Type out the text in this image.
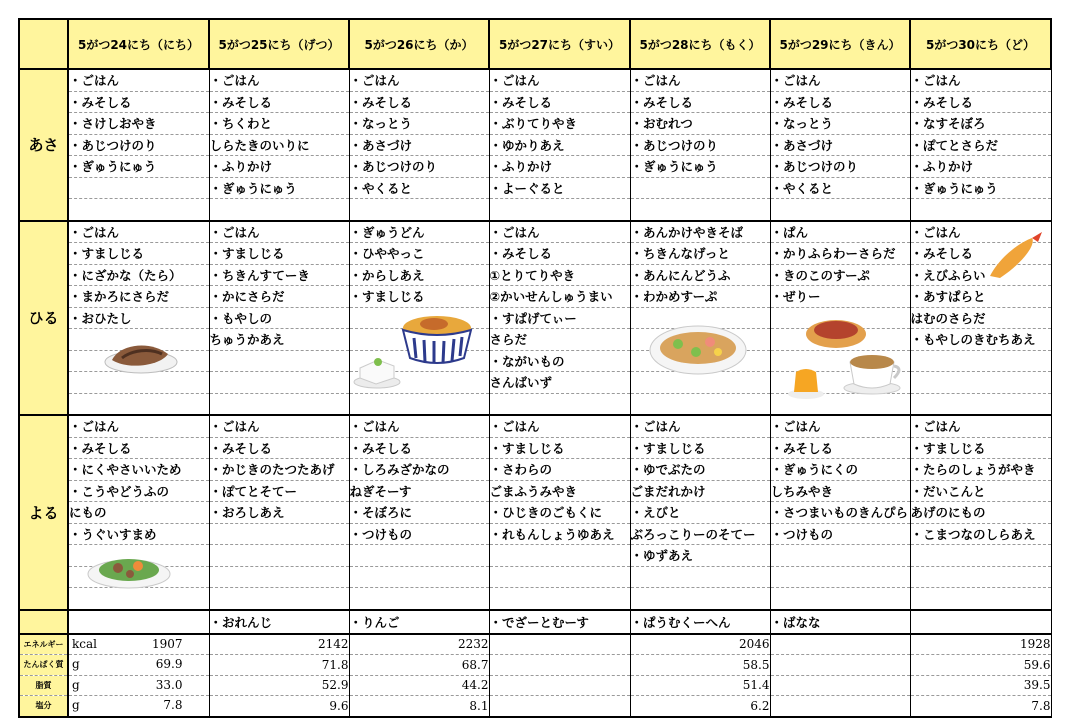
	5がつ24にち（にち）	5がつ25にち（げつ）	5がつ26にち（か）	5がつ27にち（すい）	5がつ28にち（もく）	5がつ29にち（きん）	5がつ30にち（ど）
あさ	・ごはん	・ごはん	・ごはん	・ごはん	・ごはん	・ごはん	・ごはん
	・みそしる	・みそしる	・みそしる	・みそしる	・みそしる	・みそしる	・みそしる
	・さけしおやき	・ちくわと	・なっとう	・ぶりてりやき	・おむれつ	・なっとう	・なすそぼろ
	・あじつけのり	しらたきのいりに	・あさづけ	・ゆかりあえ	・あじつけのり	・あさづけ	・ぽてとさらだ
	・ぎゅうにゅう	・ふりかけ	・あじつけのり	・ふりかけ	・ぎゅうにゅう	・あじつけのり	・ふりかけ
		・ぎゅうにゅう	・やくると	・よーぐると		・やくると	・ぎゅうにゅう

ひる	・ごはん	・ごはん	・ぎゅうどん	・ごはん	・あんかけやきそば	・ぱん	・ごはん
	・すましじる	・すましじる	・ひややっこ	・みそしる	・ちきんなげっと	・かりふらわーさらだ	・みそしる
	・にざかな（たら）	・ちきんすてーき	・からしあえ	①とりてりやき	・あんにんどうふ	・きのこのすーぷ	・えびふらい
	・まかろにさらだ	・かにさらだ	・すましじる	②かいせんしゅうまい	・わかめすーぷ	・ぜりー	・あすぱらと
	・おひたし	・もやしの		・すぱげてぃー			はむのさらだ
		ちゅうかあえ		さらだ			・もやしのきむちあえ
				・ながいもの			
				さんばいず			

よる	・ごはん	・ごはん	・ごはん	・ごはん	・ごはん	・ごはん	・ごはん
	・みそしる	・みそしる	・みそしる	・すましじる	・すましじる	・みそしる	・すましじる
	・にくやさいいため	・かじきのたつたあげ	・しろみざかなの	・さわらの	・ゆでぶたの	・ぎゅうにくの	・たらのしょうがやき
	・こうやどうふの	・ぽてとそてー	ねぎそーす	ごまふうみやき	ごまだれかけ	しちみやき	・だいこんと
	にもの	・おろしあえ	・そぼろに	・ひじきのごもくに	・えびと	・さつまいものきんぴら	あげのにもの
	・うぐいすまめ		・つけもの	・れもんしょうゆあえ	ぶろっこりーのそてー	・つけもの	・こまつなのしらあえ
					・ゆずあえ		

		・おれんじ	・りんご	・でざーとむーす	・ぱうむくーへん	・ばなな	
エネルギー	kcal 1907	2142	2232		2046		1928
たんぱく質	g 69.9	71.8	68.7		58.5		59.6
脂質	g 33.0	52.9	44.2		51.4		39.5
塩分	g 7.8	9.6	8.1		6.2		7.8
